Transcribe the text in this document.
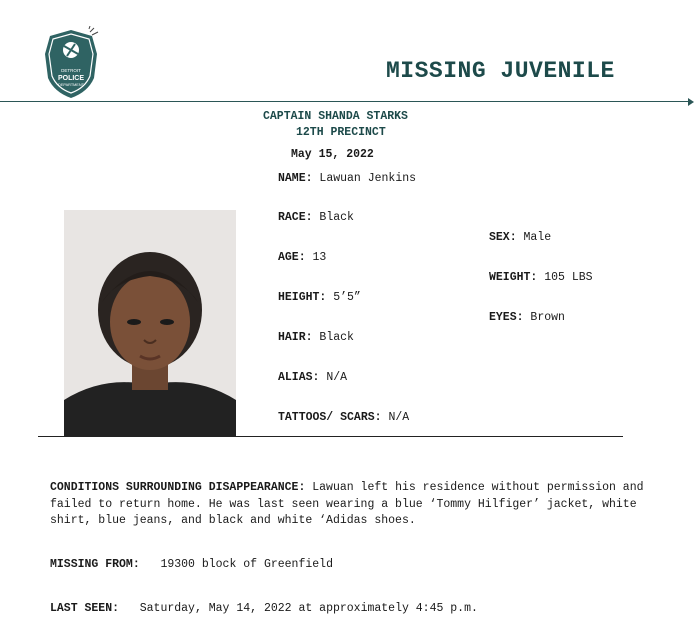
DETROIT
POLICE
DEPARTMENT
MISSING JUVENILE
CAPTAIN SHANDA STARKS
12TH PRECINCT
May 15, 2022
NAME: Lawuan Jenkins
RACE: Black
AGE: 13
HEIGHT: 5’5”
HAIR: Black
ALIAS: N/A
TATTOOS/ SCARS: N/A
SEX: Male
WEIGHT: 105 LBS
EYES: Brown
CONDITIONS SURROUNDING DISAPPEARANCE: Lawuan left his residence without permission and failed to return home. He was last seen wearing a blue ‘Tommy Hilfiger’ jacket, white shirt, blue jeans, and black and white ‘Adidas shoes.
MISSING FROM: 19300 block of Greenfield
LAST SEEN: Saturday, May 14, 2022 at approximately 4:45 p.m.
